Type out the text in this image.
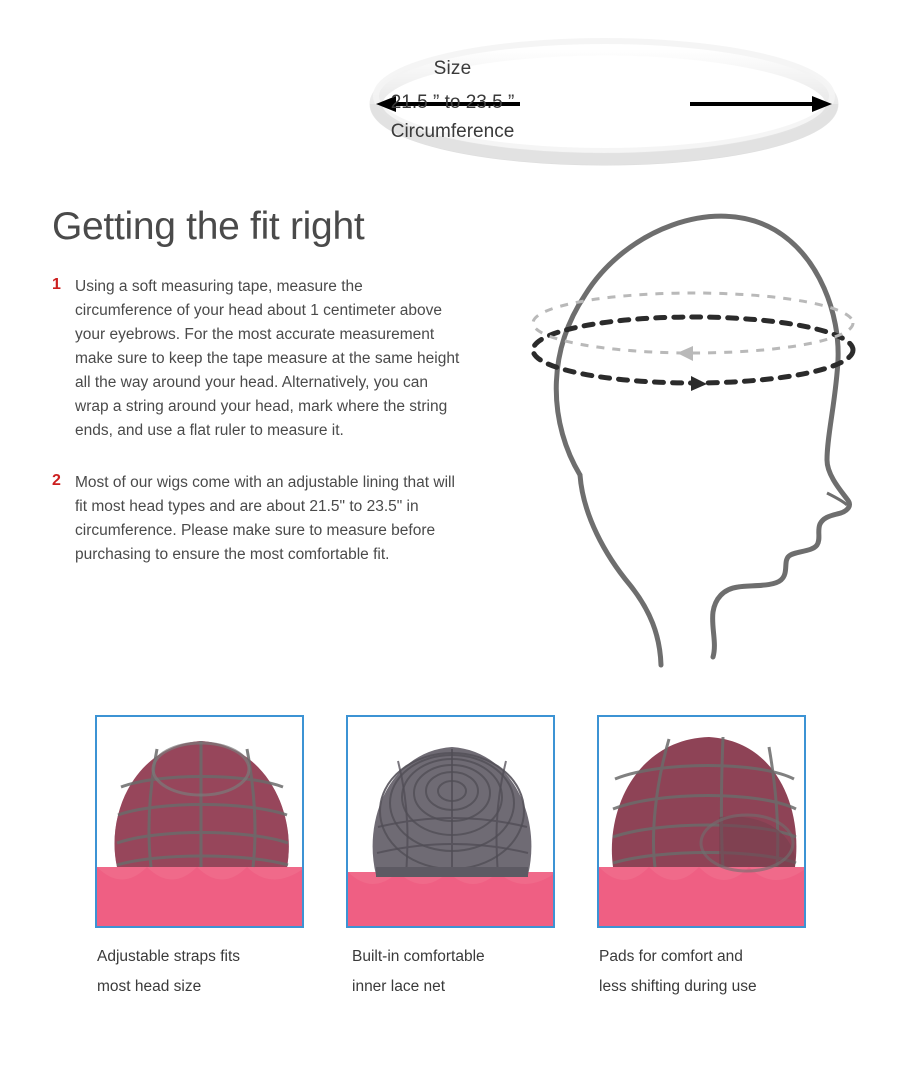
Size
21.5 ” to 23.5 ”
Circumference
Getting the fit right
1 Using a soft measuring tape, measure the circumference of your head about 1 centimeter above your eyebrows. For the most accurate measurement make sure to keep the tape measure at the same height all the way around your head. Alternatively, you can wrap a string around your head, mark where the string ends, and use a flat ruler to measure it.
2 Most of our wigs come with an adjustable lining that will fit most head types and are about 21.5" to 23.5" in circumference. Please make sure to measure before purchasing to ensure the most comfortable fit.
Adjustable straps fits
most head size
Built-in comfortable
inner lace net
Pads for comfort and
less shifting during use
